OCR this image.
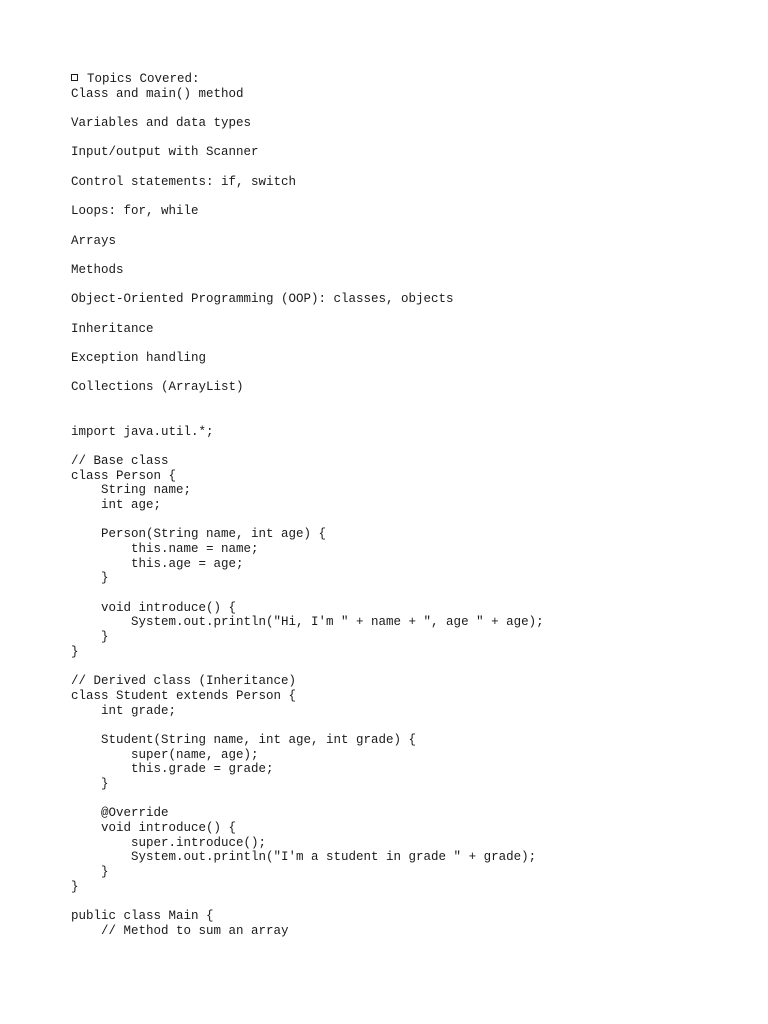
Topics Covered:
Class and main() method
Variables and data types
Input/output with Scanner
Control statements: if, switch
Loops: for, while
Arrays
Methods
Object-Oriented Programming (OOP): classes, objects
Inheritance
Exception handling
Collections (ArrayList)
import java.util.*;
// Base class
class Person {
String name;
int age;
Person(String name, int age) {
this.name = name;
this.age = age;
}
void introduce() {
System.out.println("Hi, I'm " + name + ", age " + age);
}
}
// Derived class (Inheritance)
class Student extends Person {
int grade;
Student(String name, int age, int grade) {
super(name, age);
this.grade = grade;
}
@Override
void introduce() {
super.introduce();
System.out.println("I'm a student in grade " + grade);
}
}
public class Main {
// Method to sum an array
